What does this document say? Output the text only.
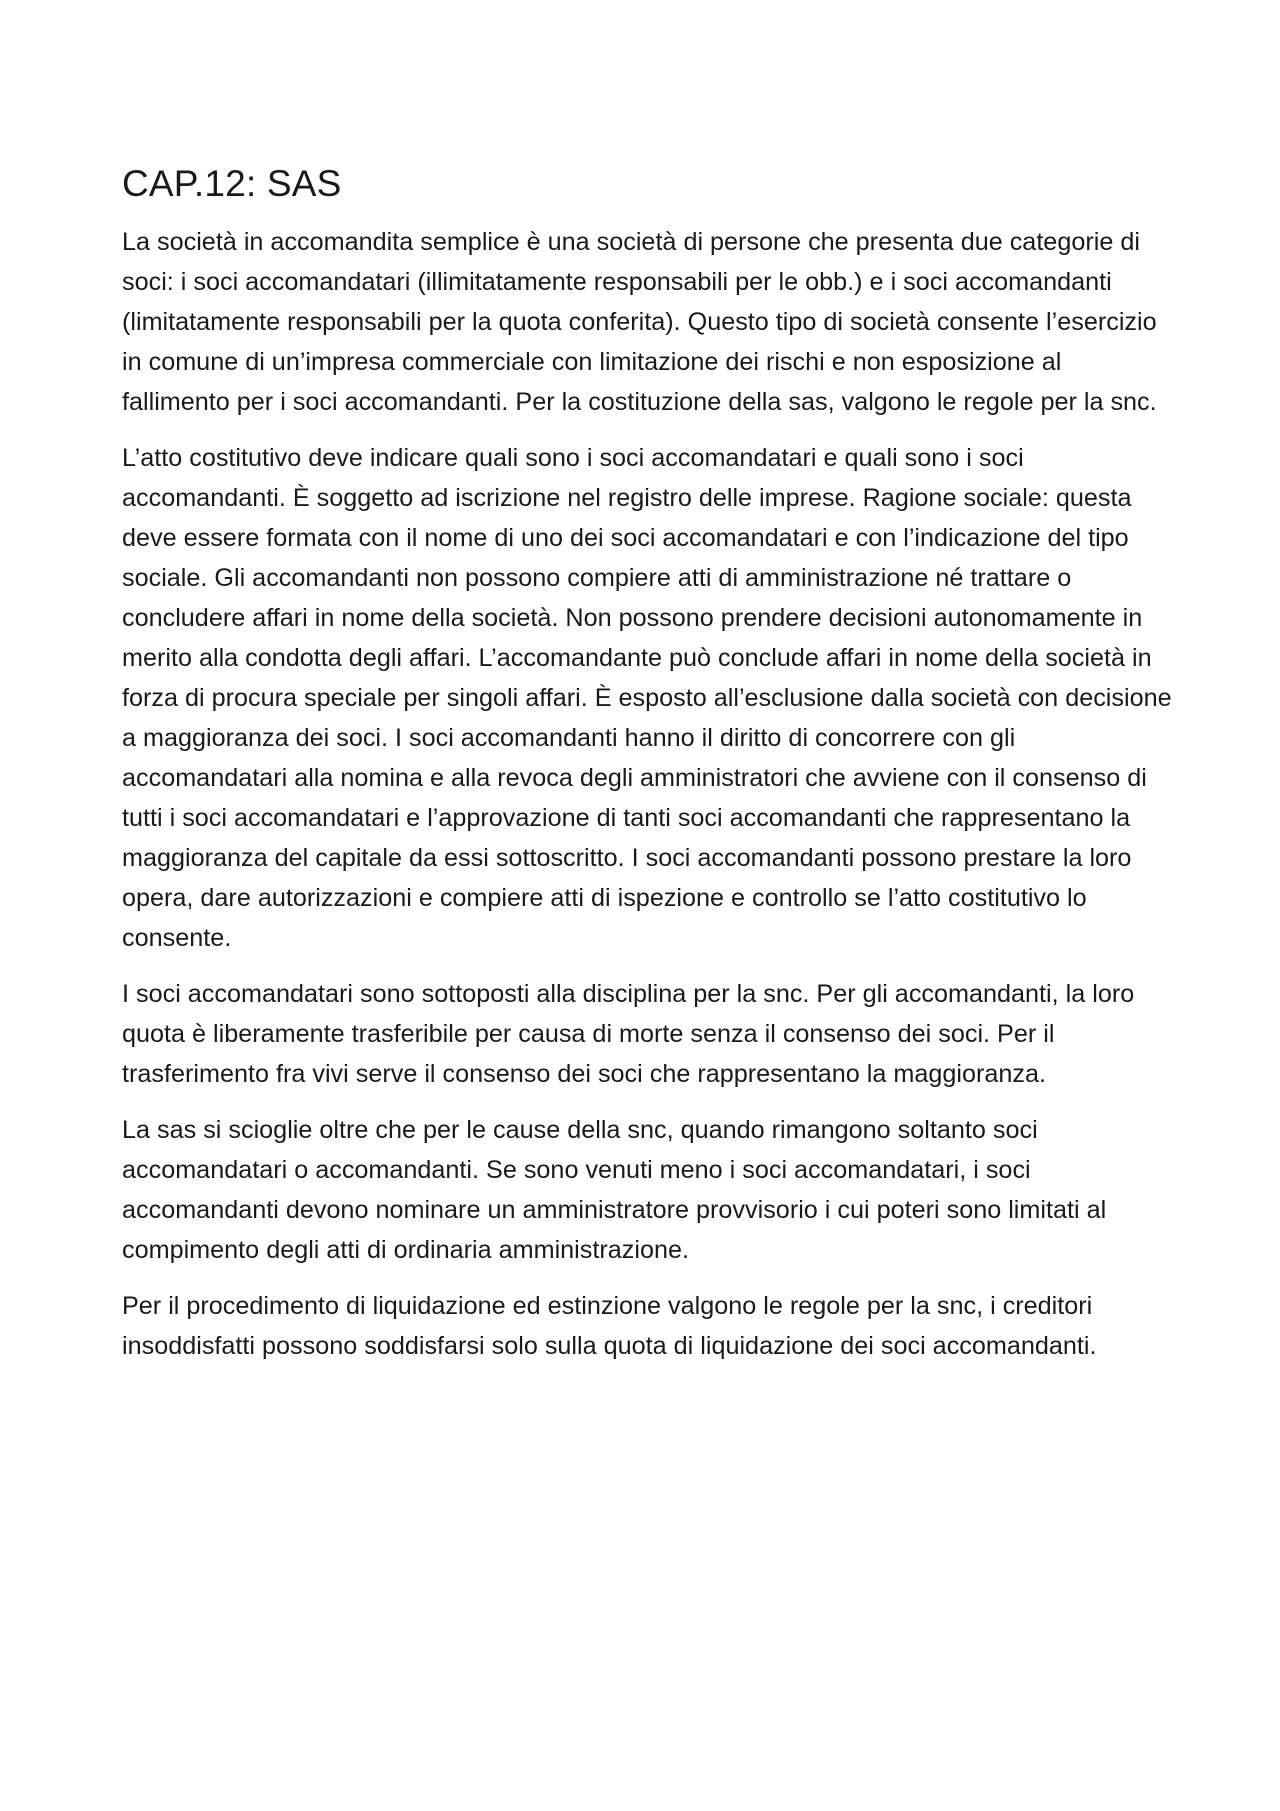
CAP.12: SAS

La società in accomandita semplice è una società di persone che presenta due categorie di soci: i soci accomandatari (illimitatamente responsabili per le obb.) e i soci accomandanti (limitatamente responsabili per la quota conferita). Questo tipo di società consente l’esercizio in comune di un’impresa commerciale con limitazione dei rischi e non esposizione al fallimento per i soci accomandanti. Per la costituzione della sas, valgono le regole per la snc.

L’atto costitutivo deve indicare quali sono i soci accomandatari e quali sono i soci accomandanti. È soggetto ad iscrizione nel registro delle imprese. Ragione sociale: questa deve essere formata con il nome di uno dei soci accomandatari e con l’indicazione del tipo sociale. Gli accomandanti non possono compiere atti di amministrazione né trattare o concludere affari in nome della società. Non possono prendere decisioni autonomamente in merito alla condotta degli affari. L’accomandante può conclude affari in nome della società in forza di procura speciale per singoli affari. È esposto all’esclusione dalla società con decisione a maggioranza dei soci. I soci accomandanti hanno il diritto di concorrere con gli accomandatari alla nomina e alla revoca degli amministratori che avviene con il consenso di tutti i soci accomandatari e l’approvazione di tanti soci accomandanti che rappresentano la maggioranza del capitale da essi sottoscritto. I soci accomandanti possono prestare la loro opera, dare autorizzazioni e compiere atti di ispezione e controllo se l’atto costitutivo lo consente.

I soci accomandatari sono sottoposti alla disciplina per la snc. Per gli accomandanti, la loro quota è liberamente trasferibile per causa di morte senza il consenso dei soci. Per il trasferimento fra vivi serve il consenso dei soci che rappresentano la maggioranza.

La sas si scioglie oltre che per le cause della snc, quando rimangono soltanto soci accomandatari o accomandanti. Se sono venuti meno i soci accomandatari, i soci accomandanti devono nominare un amministratore provvisorio i cui poteri sono limitati al compimento degli atti di ordinaria amministrazione.

Per il procedimento di liquidazione ed estinzione valgono le regole per la snc, i creditori insoddisfatti possono soddisfarsi solo sulla quota di liquidazione dei soci accomandanti.
